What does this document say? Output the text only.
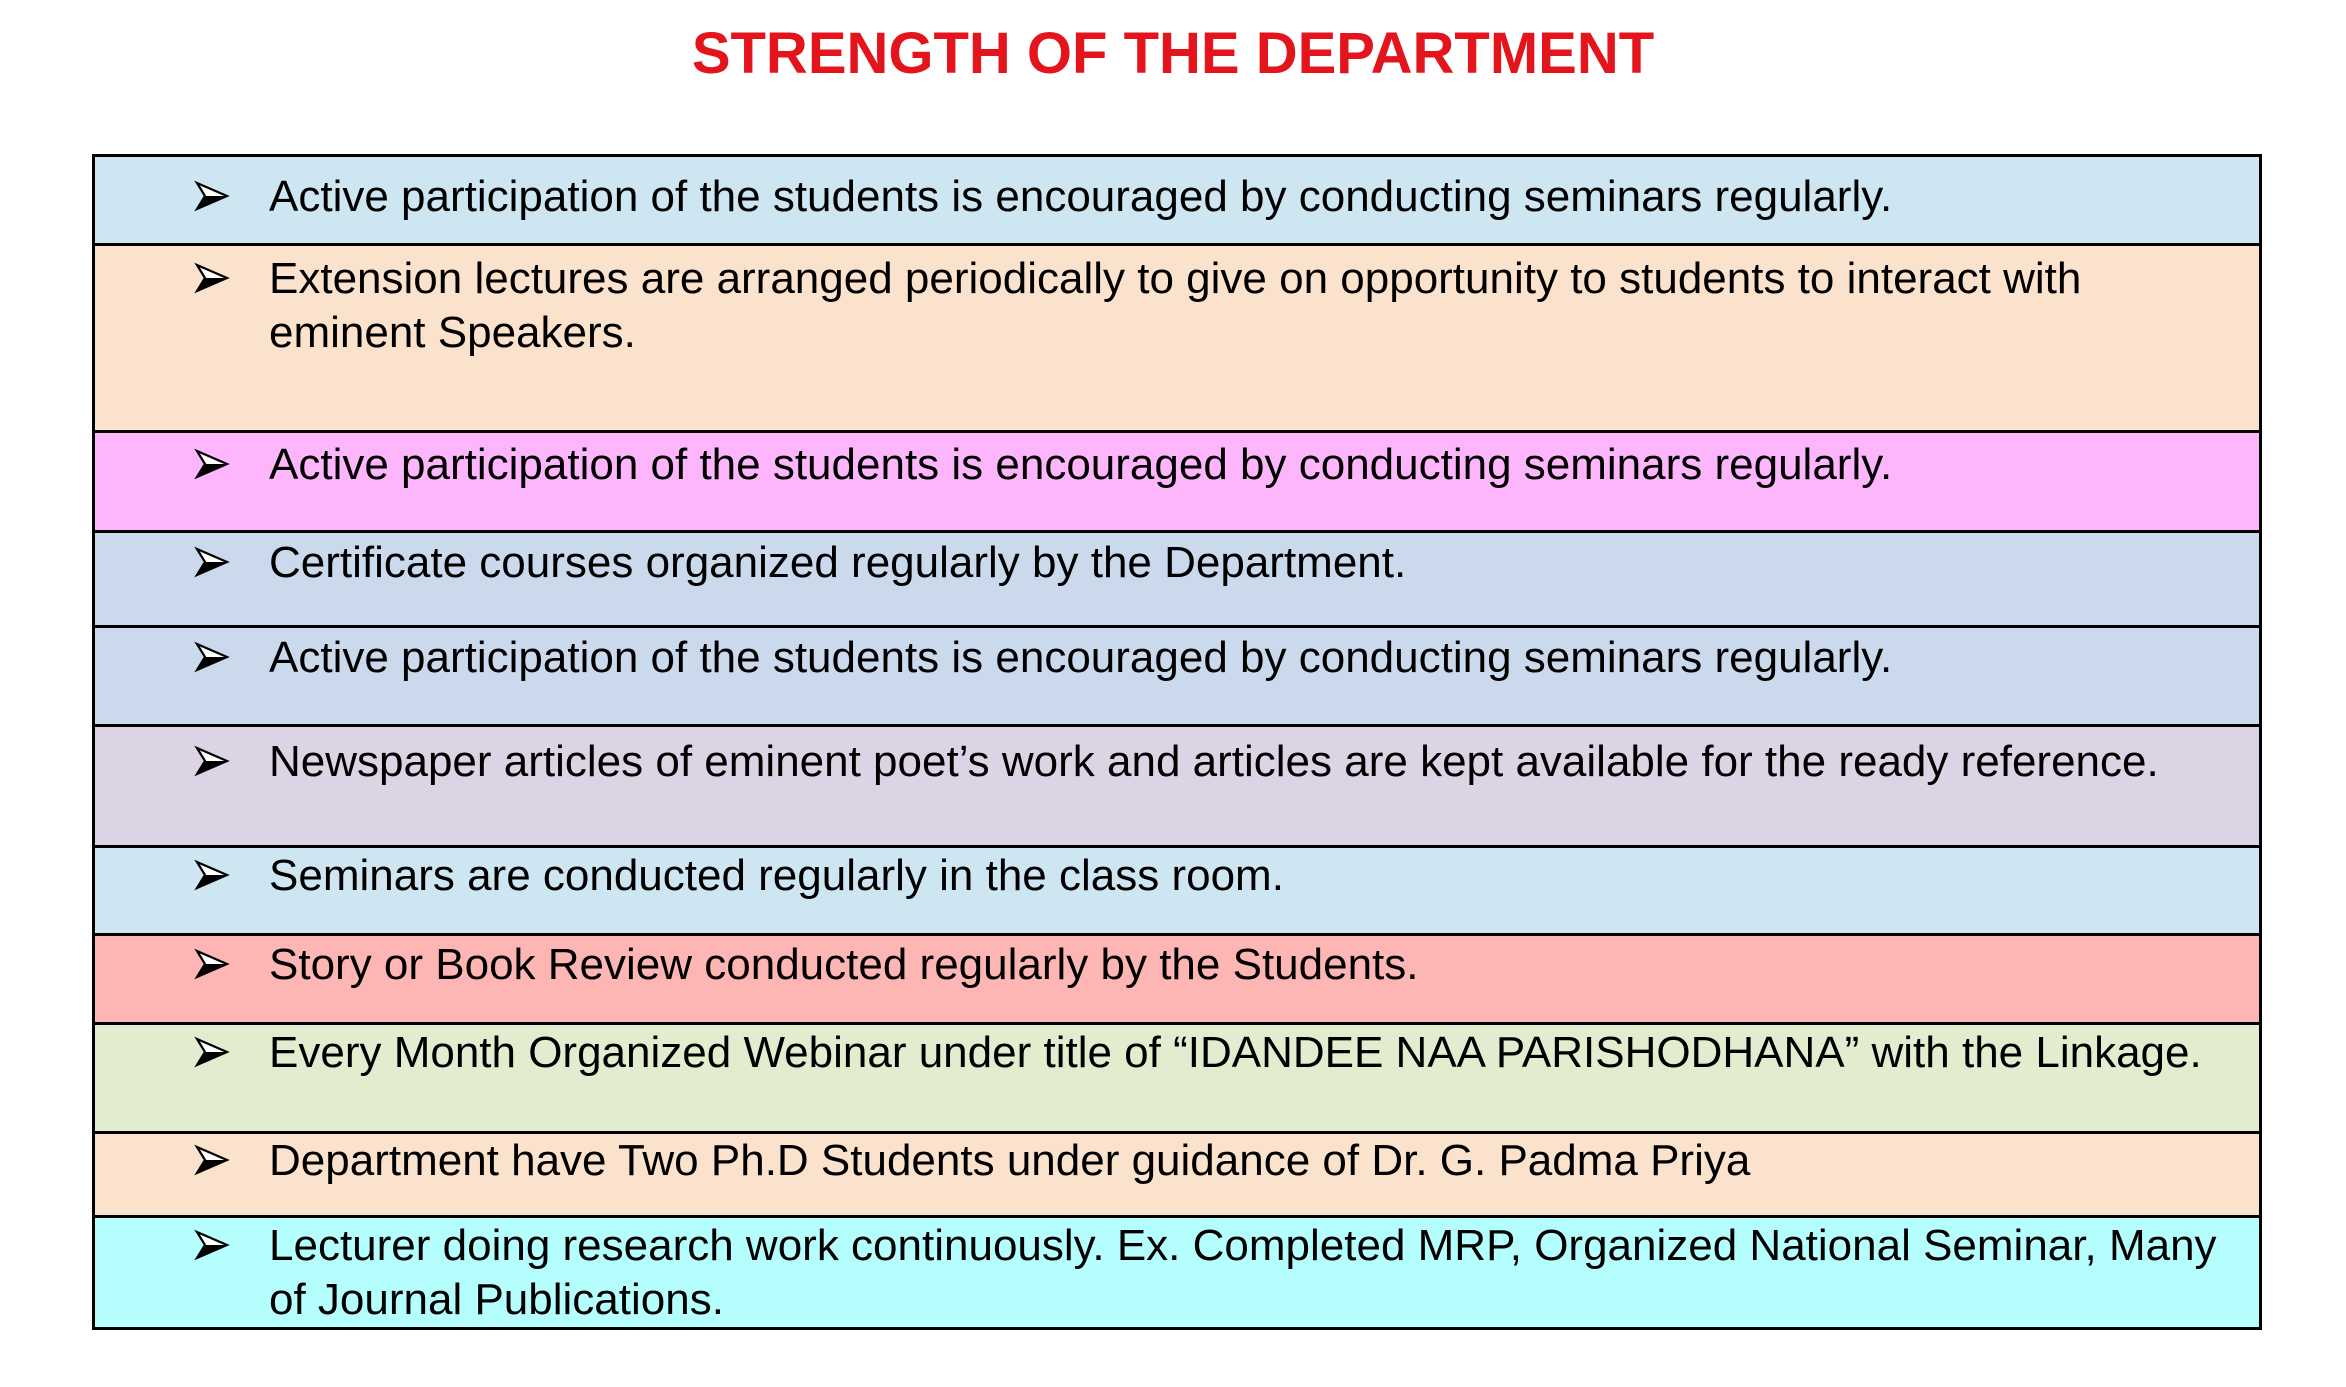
STRENGTH OF THE DEPARTMENT
Active participation of the students is encouraged by conducting seminars regularly.

Extension lectures are arranged periodically to give on opportunity to students to interact with eminent Speakers.

Active participation of the students is encouraged by conducting seminars regularly.

Certificate courses organized regularly by the Department.

Active participation of the students is encouraged by conducting seminars regularly.

Newspaper articles of eminent poet’s work and articles are kept available for the ready reference.

Seminars are conducted regularly in the class room.

Story or Book Review conducted regularly by the Students.

Every Month Organized Webinar under title of “IDANDEE NAA PARISHODHANA” with the Linkage.

Department have Two Ph.D Students under guidance of Dr. G. Padma Priya

Lecturer doing research work continuously. Ex. Completed MRP, Organized National Seminar, Many of Journal Publications.
